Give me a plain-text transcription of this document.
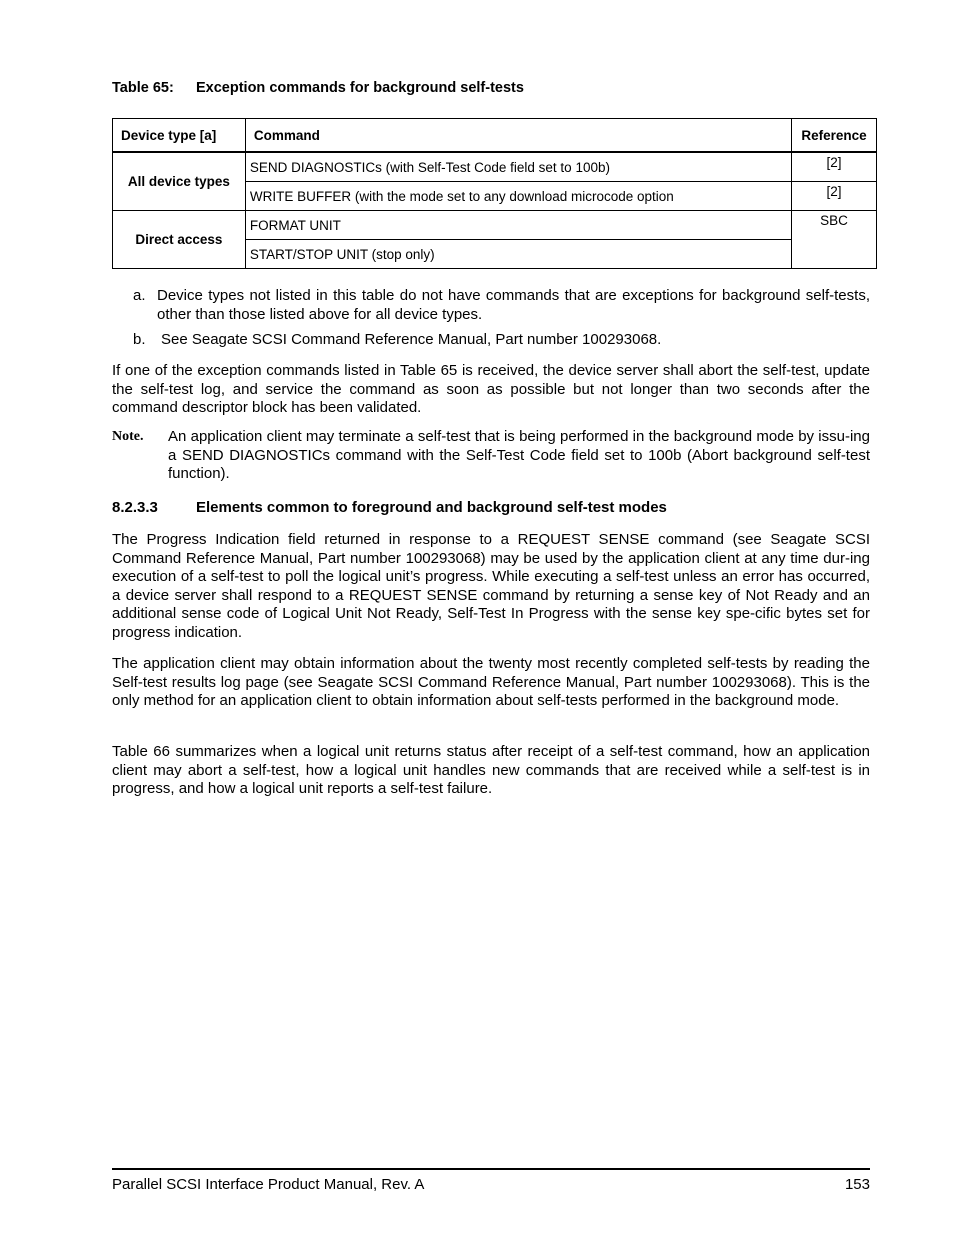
Table 65: Exception commands for background self-tests
Device type [a]	Command	Reference
All device types	SEND DIAGNOSTICs (with Self-Test Code field set to 100b)	[2]
	WRITE BUFFER (with the mode set to any download microcode option	[2]
Direct access	FORMAT UNIT	SBC
	START/STOP UNIT (stop only)	
a. Device types not listed in this table do not have commands that are exceptions for background self-tests, other than those listed above for all device types.
b. See Seagate SCSI Command Reference Manual, Part number 100293068.
If one of the exception commands listed in Table 65 is received, the device server shall abort the self-test, update the self-test log, and service the command as soon as possible but not longer than two seconds after the command descriptor block has been validated.
Note. An application client may terminate a self-test that is being performed in the background mode by issu-ing a SEND DIAGNOSTICs command with the Self-Test Code field set to 100b (Abort background self-test function).
8.2.3.3	Elements common to foreground and background self-test modes
The Progress Indication field returned in response to a REQUEST SENSE command (see Seagate SCSI Command Reference Manual, Part number 100293068) may be used by the application client at any time dur-ing execution of a self-test to poll the logical unit’s progress. While executing a self-test unless an error has occurred, a device server shall respond to a REQUEST SENSE command by returning a sense key of Not Ready and an additional sense code of Logical Unit Not Ready, Self-Test In Progress with the sense key spe-cific bytes set for progress indication.
The application client may obtain information about the twenty most recently completed self-tests by reading the Self-test results log page (see Seagate SCSI Command Reference Manual, Part number 100293068). This is the only method for an application client to obtain information about self-tests performed in the background mode.
Table 66 summarizes when a logical unit returns status after receipt of a self-test command, how an application client may abort a self-test, how a logical unit handles new commands that are received while a self-test is in progress, and how a logical unit reports a self-test failure.
Parallel SCSI Interface Product Manual, Rev. A	153
